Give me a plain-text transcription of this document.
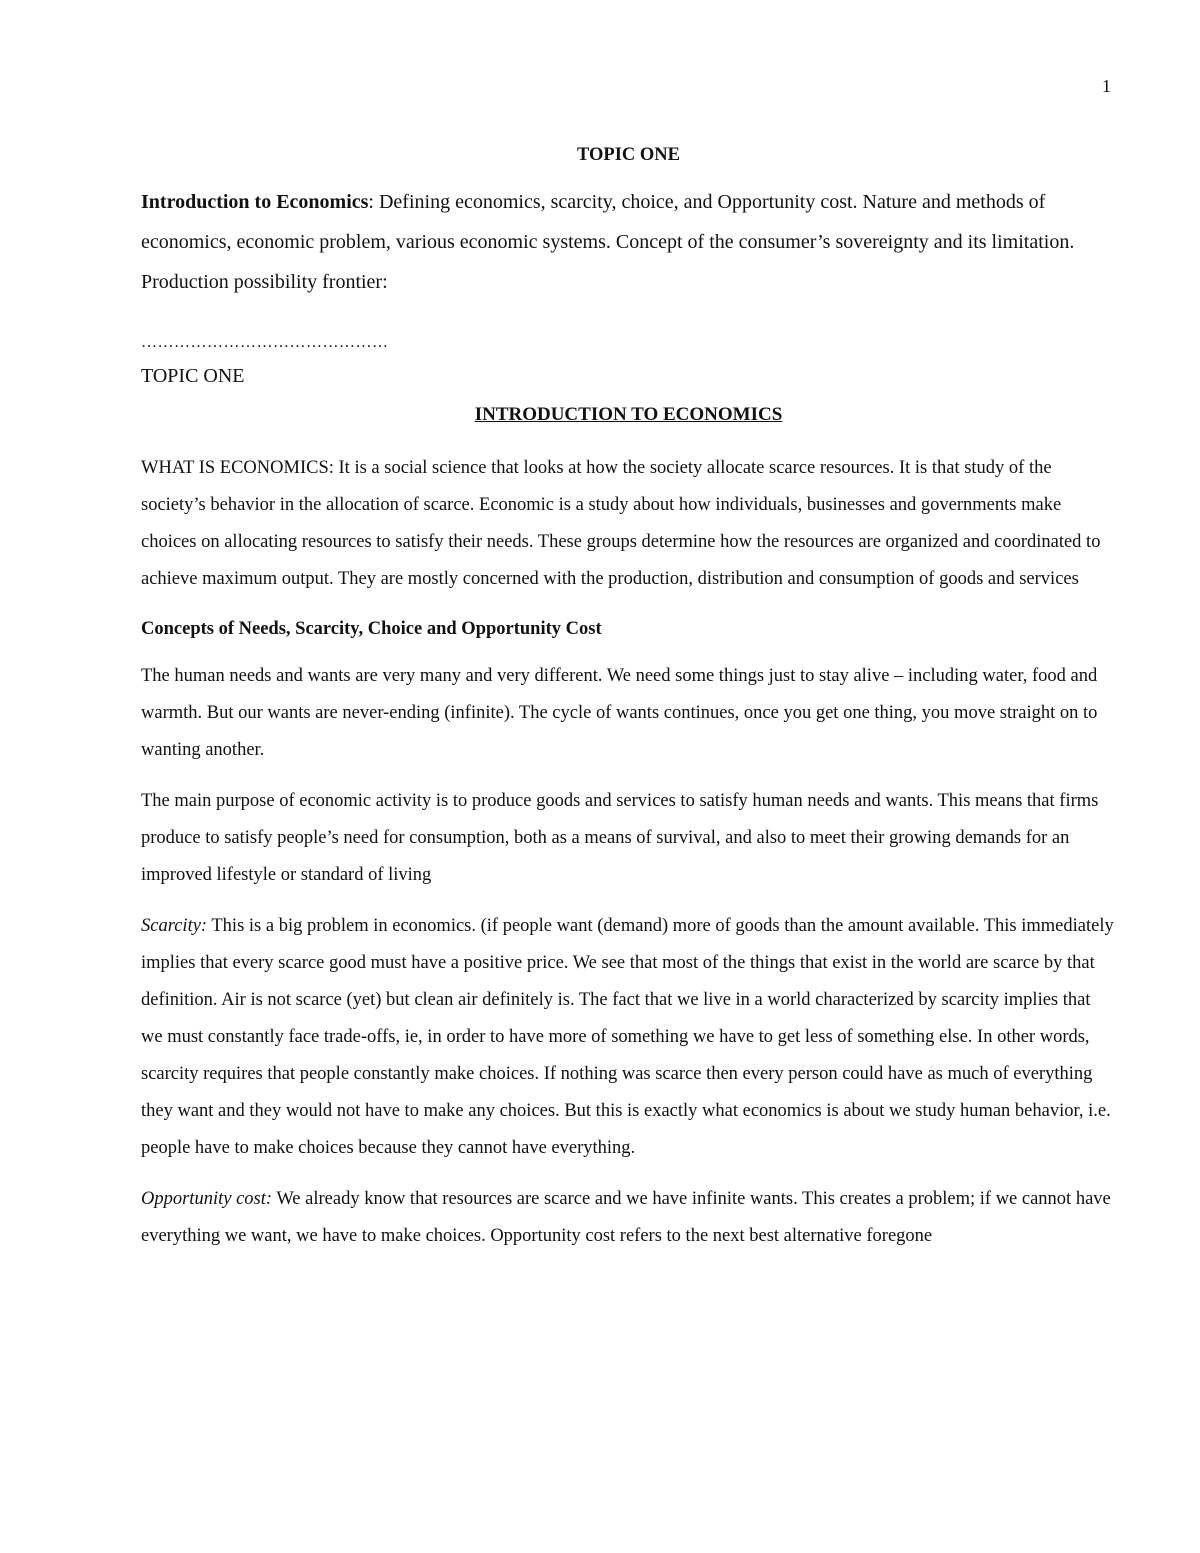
1

TOPIC ONE

Introduction to Economics: Defining economics, scarcity, choice, and Opportunity cost. Nature and methods of economics, economic problem, various economic systems. Concept of the consumer’s sovereignty and its limitation. Production possibility frontier:

………………………………………

TOPIC ONE

INTRODUCTION TO ECONOMICS

WHAT IS ECONOMICS: It is a social science that looks at how the society allocate scarce resources. It is that study of the society’s behavior in the allocation of scarce. Economic is a study about how individuals, businesses and governments make choices on allocating resources to satisfy their needs. These groups determine how the resources are organized and coordinated to achieve maximum output. They are mostly concerned with the production, distribution and consumption of goods and services

Concepts of Needs, Scarcity, Choice and Opportunity Cost

The human needs and wants are very many and very different. We need some things just to stay alive – including water, food and warmth. But our wants are never-ending (infinite). The cycle of wants continues, once you get one thing, you move straight on to wanting another.

The main purpose of economic activity is to produce goods and services to satisfy human needs and wants. This means that firms produce to satisfy people’s need for consumption, both as a means of survival, and also to meet their growing demands for an improved lifestyle or standard of living

Scarcity: This is a big problem in economics. (if people want (demand) more of goods than the amount available. This immediately implies that every scarce good must have a positive price. We see that most of the things that exist in the world are scarce by that definition. Air is not scarce (yet) but clean air definitely is. The fact that we live in a world characterized by scarcity implies that we must constantly face trade-offs, ie, in order to have more of something we have to get less of something else. In other words, scarcity requires that people constantly make choices. If nothing was scarce then every person could have as much of everything they want and they would not have to make any choices. But this is exactly what economics is about we study human behavior, i.e. people have to make choices because they cannot have everything.

Opportunity cost: We already know that resources are scarce and we have infinite wants. This creates a problem; if we cannot have everything we want, we have to make choices. Opportunity cost refers to the next best alternative foregone
